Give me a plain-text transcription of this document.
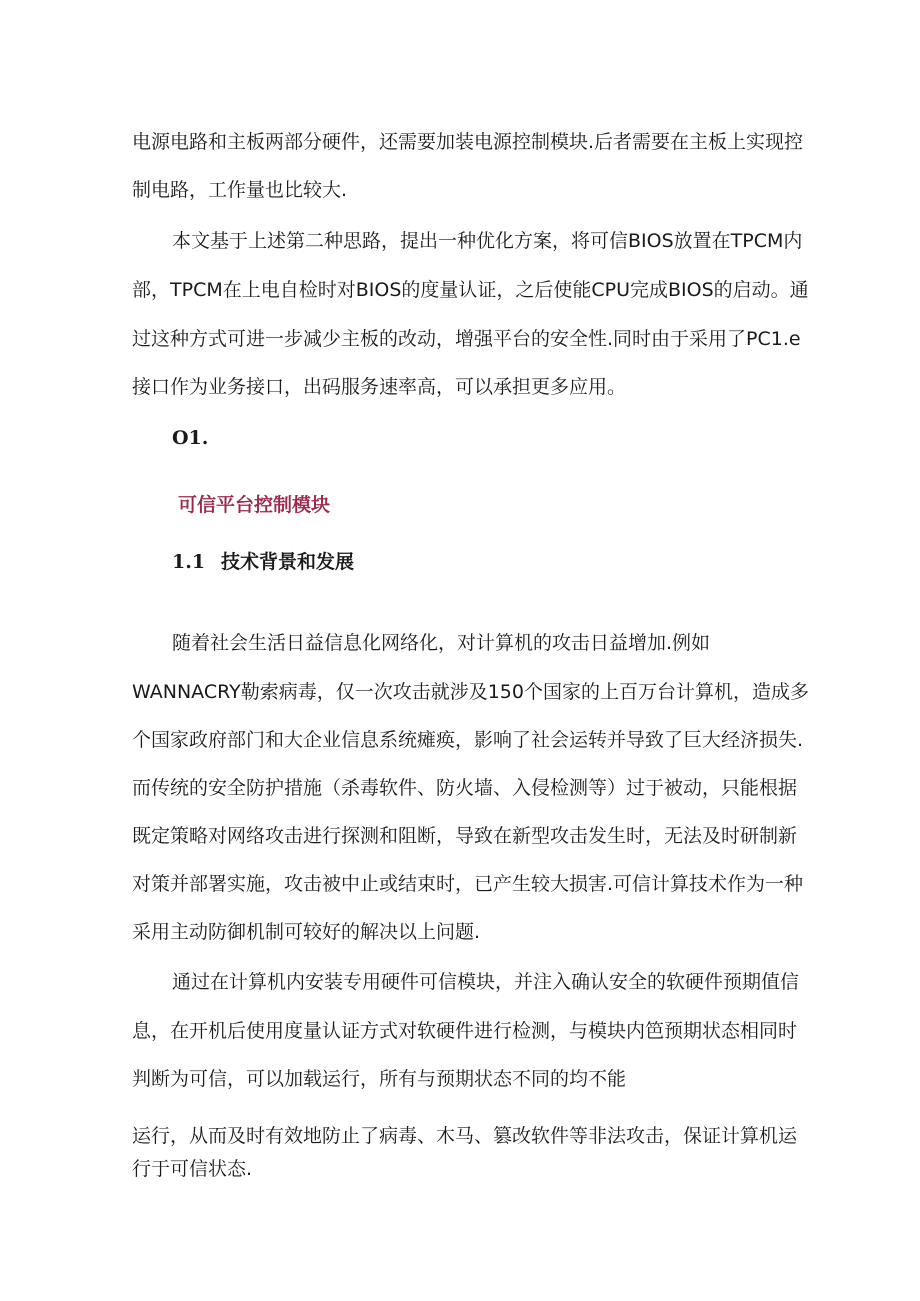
电源电路和主板两部分硬件，还需要加装电源控制模块.后者需要在主板上实现控
制电路，工作量也比较大.
本文基于上述第二种思路，提出一种优化方案，将可信BIOS放置在TPCM内
部，TPCM在上电自检时对BIOS的度量认证，之后使能CPU完成BIOS的启动。通
过这种方式可进一步减少主板的改动，增强平台的安全性.同时由于采用了PC1.e
接口作为业务接口，出码服务速率高，可以承担更多应用。
O1.
可信平台控制模块
1.1 技术背景和发展
随着社会生活日益信息化网络化，对计算机的攻击日益增加.例如
WANNACRY勒索病毒，仅一次攻击就涉及150个国家的上百万台计算机，造成多
个国家政府部门和大企业信息系统瘫痪，影响了社会运转并导致了巨大经济损失.
而传统的安全防护措施（杀毒软件、防火墙、入侵检测等）过于被动，只能根据
既定策略对网络攻击进行探测和阻断，导致在新型攻击发生时，无法及时研制新
对策并部署实施，攻击被中止或结束时，已产生较大损害.可信计算技术作为一种
采用主动防御机制可较好的解决以上问题.
通过在计算机内安装专用硬件可信模块，并注入确认安全的软硬件预期值信
息，在开机后使用度量认证方式对软硬件进行检测，与模块内笆预期状态相同时
判断为可信，可以加载运行，所有与预期状态不同的均不能
运行，从而及时有效地防止了病毒、木马、篡改软件等非法攻击，保证计算机运
行于可信状态.
